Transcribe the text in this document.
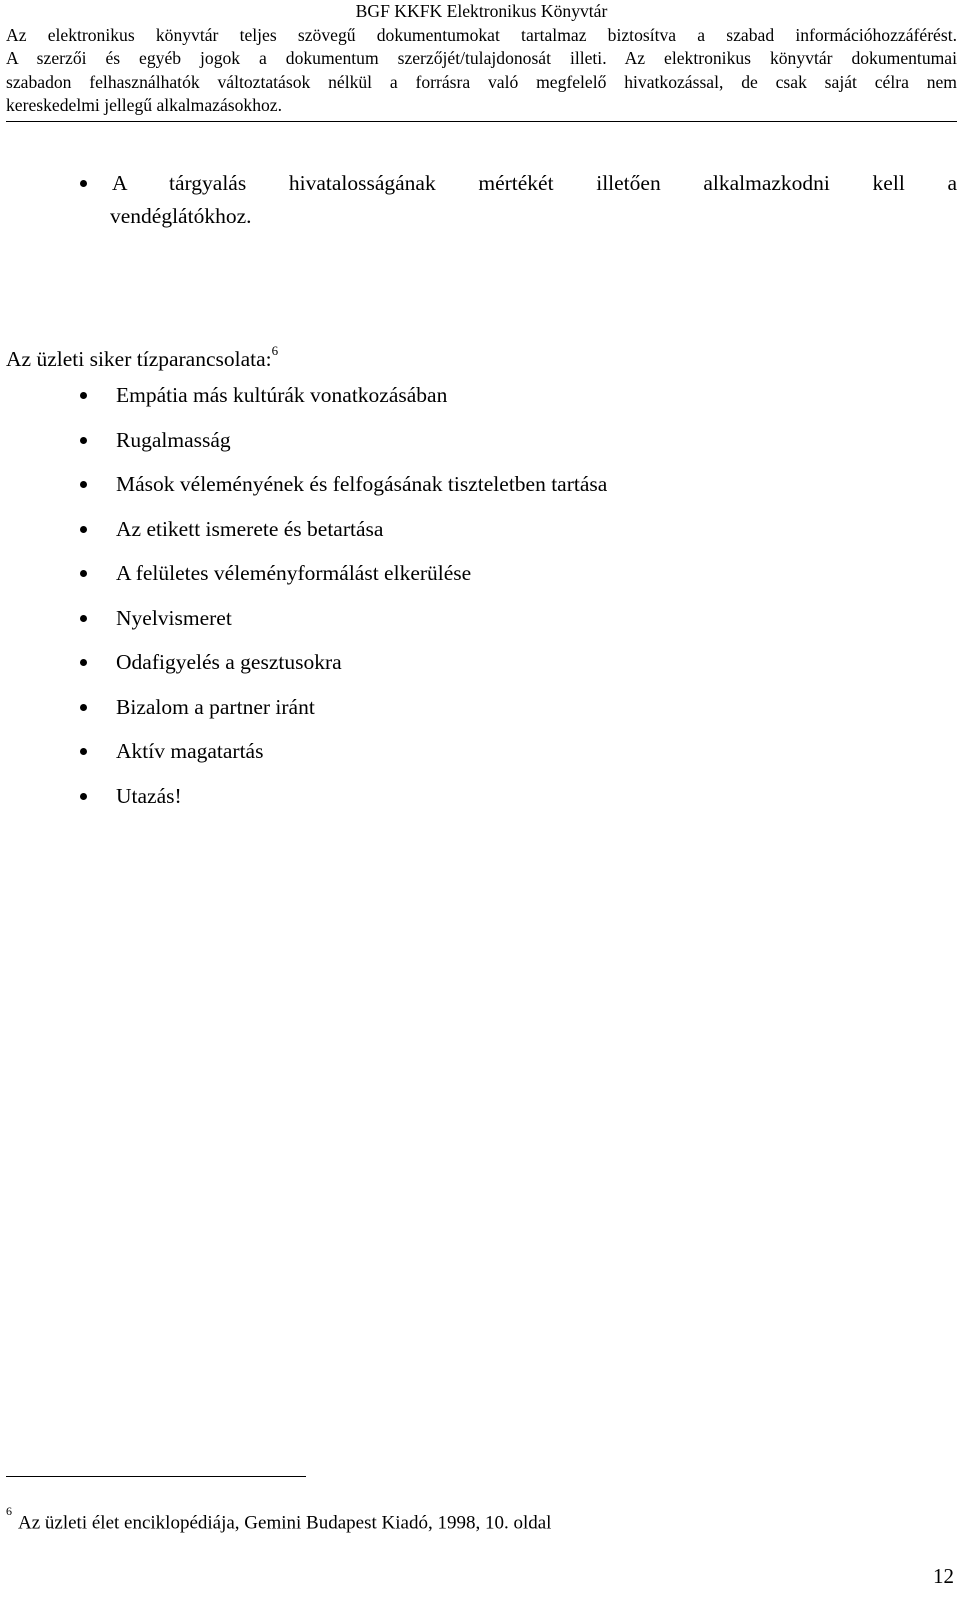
BGF KKFK Elektronikus Könyvtár
Az elektronikus könyvtár teljes szövegű dokumentumokat tartalmaz biztosítva a szabad információhozzáférést.
A szerzői és egyéb jogok a dokumentum szerzőjét/tulajdonosát illeti. Az elektronikus könyvtár dokumentumai
szabadon felhasználhatók változtatások nélkül a forrásra való megfelelő hivatkozással, de csak saját célra nem
kereskedelmi jellegű alkalmazásokhoz.
A tárgyalás hivatalosságának mértékét illetően alkalmazkodni kell a
vendéglátókhoz.
Az üzleti siker tízparancsolata:$^6$
Empátia más kultúrák vonatkozásában
Rugalmasság
Mások véleményének és felfogásának tiszteletben tartása
Az etikett ismerete és betartása
A felületes véleményformálást elkerülése
Nyelvismeret
Odafigyelés a gesztusokra
Bizalom a partner iránt
Aktív magatartás
Utazás!
$^6$Az üzleti élet enciklopédiája, Gemini Budapest Kiadó, 1998, 10. oldal
12
